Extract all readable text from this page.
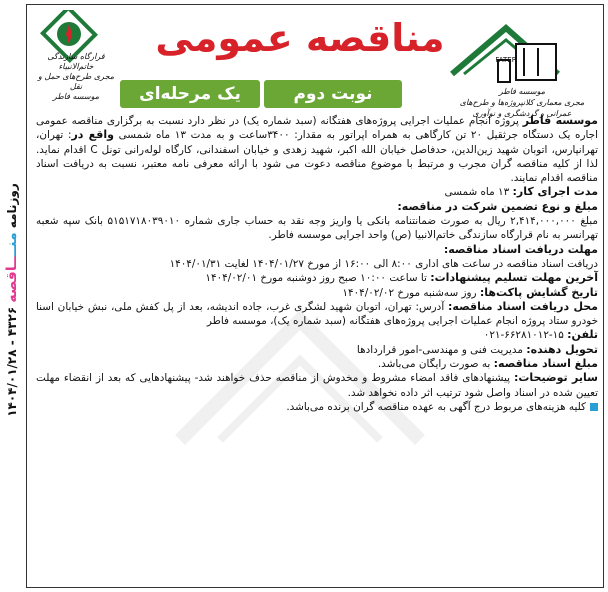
روزنامه منــــاقصه ۴۳۲۶ - ۱۴۰۴/۰۱/۲۸
قرارگاه سازندگی خاتم‌الانبیاء
مجری طرح‌های حمل و نقل
موسسه فاطر
مناقصه عمومی
نوبت دوم
یک مرحله‌ای
FATER
موسسه فاطر
مجری معماری کلانپروژه‌ها و طرح‌های عمرانی و گردشگری و نوآوری

موسسه فاطر پروژه انجام عملیات اجرایی پروژه‌های هفتگانه (سبد شماره یک) در نظر دارد نسبت به برگزاری مناقصه عمومی اجاره یک دستگاه جرثقیل ۲۰ تن کارگاهی به همراه اپراتور به مقدار: ۳۴۰۰ساعت و به مدت ۱۳ ماه شمسی واقع در: تهران، تهرانپارس، اتوبان شهید زین‌الدین، حدفاصل خیابان الله اکبر، شهید زهدی و خیابان اسفندانی، کارگاه لوله‌رانی تونل C اقدام نماید. لذا از کلیه مناقصه گران مجرب و مرتبط با موضوع مناقصه دعوت می شود با ارائه معرفی نامه معتبر، نسبت به دریافت اسناد مناقصه اقدام نمایند.

مدت اجرای کار: ۱۳ ماه شمسی

مبلغ و نوع تضمین شرکت در مناقصه:

مبلغ ۲,۴۱۴,۰۰۰,۰۰۰ ریال به صورت ضمانتنامه بانکی یا واریز وجه نقد به حساب جاری شماره ۵۱۵۱۷۱۸۰۳۹۰۱۰ بانک سپه شعبه تهرانسر به نام قرارگاه سازندگی خاتم‌الانبیا (ص) واحد اجرایی موسسه فاطر.

مهلت دریافت اسناد مناقصه:

دریافت اسناد مناقصه در ساعت های اداری ۸:۰۰ الی ۱۶:۰۰ از مورخ ۱۴۰۴/۰۱/۲۷ لغایت ۱۴۰۴/۰۱/۳۱

آخرین مهلت تسلیم پیشنهادات: تا ساعت ۱۰:۰۰ صبح روز دوشنبه مورخ ۱۴۰۴/۰۲/۰۱

تاریخ گشایش پاکت‌ها: روز سه‌شنبه مورخ ۱۴۰۴/۰۲/۰۲

محل دریافت اسناد مناقصه: آدرس: تهران، اتوبان شهید لشگری غرب، جاده اندیشه، بعد از پل کفش ملی، نبش خیابان اسنا خودرو ستاد پروژه انجام عملیات اجرایی پروژه‌های هفتگانه (سبد شماره یک)، موسسه فاطر

تلفن: ۱۵-۶۶۲۸۱۰۱۲-۰۲۱

تحویل دهنده: مدیریت فنی و مهندسی-امور قراردادها

مبلغ اسناد مناقصه: به صورت رایگان می‌باشد.

سایر توضیحات: پیشنهادهای فاقد امضاء مشروط و مخدوش از مناقصه حذف خواهند شد- پیشنهادهایی که بعد از انقضاء مهلت تعیین شده در اسناد واصل شود ترتیب اثر داده نخواهد شد.

کلیه هزینه‌های مربوط درج آگهی به عهده مناقصه گران برنده می‌باشد.
